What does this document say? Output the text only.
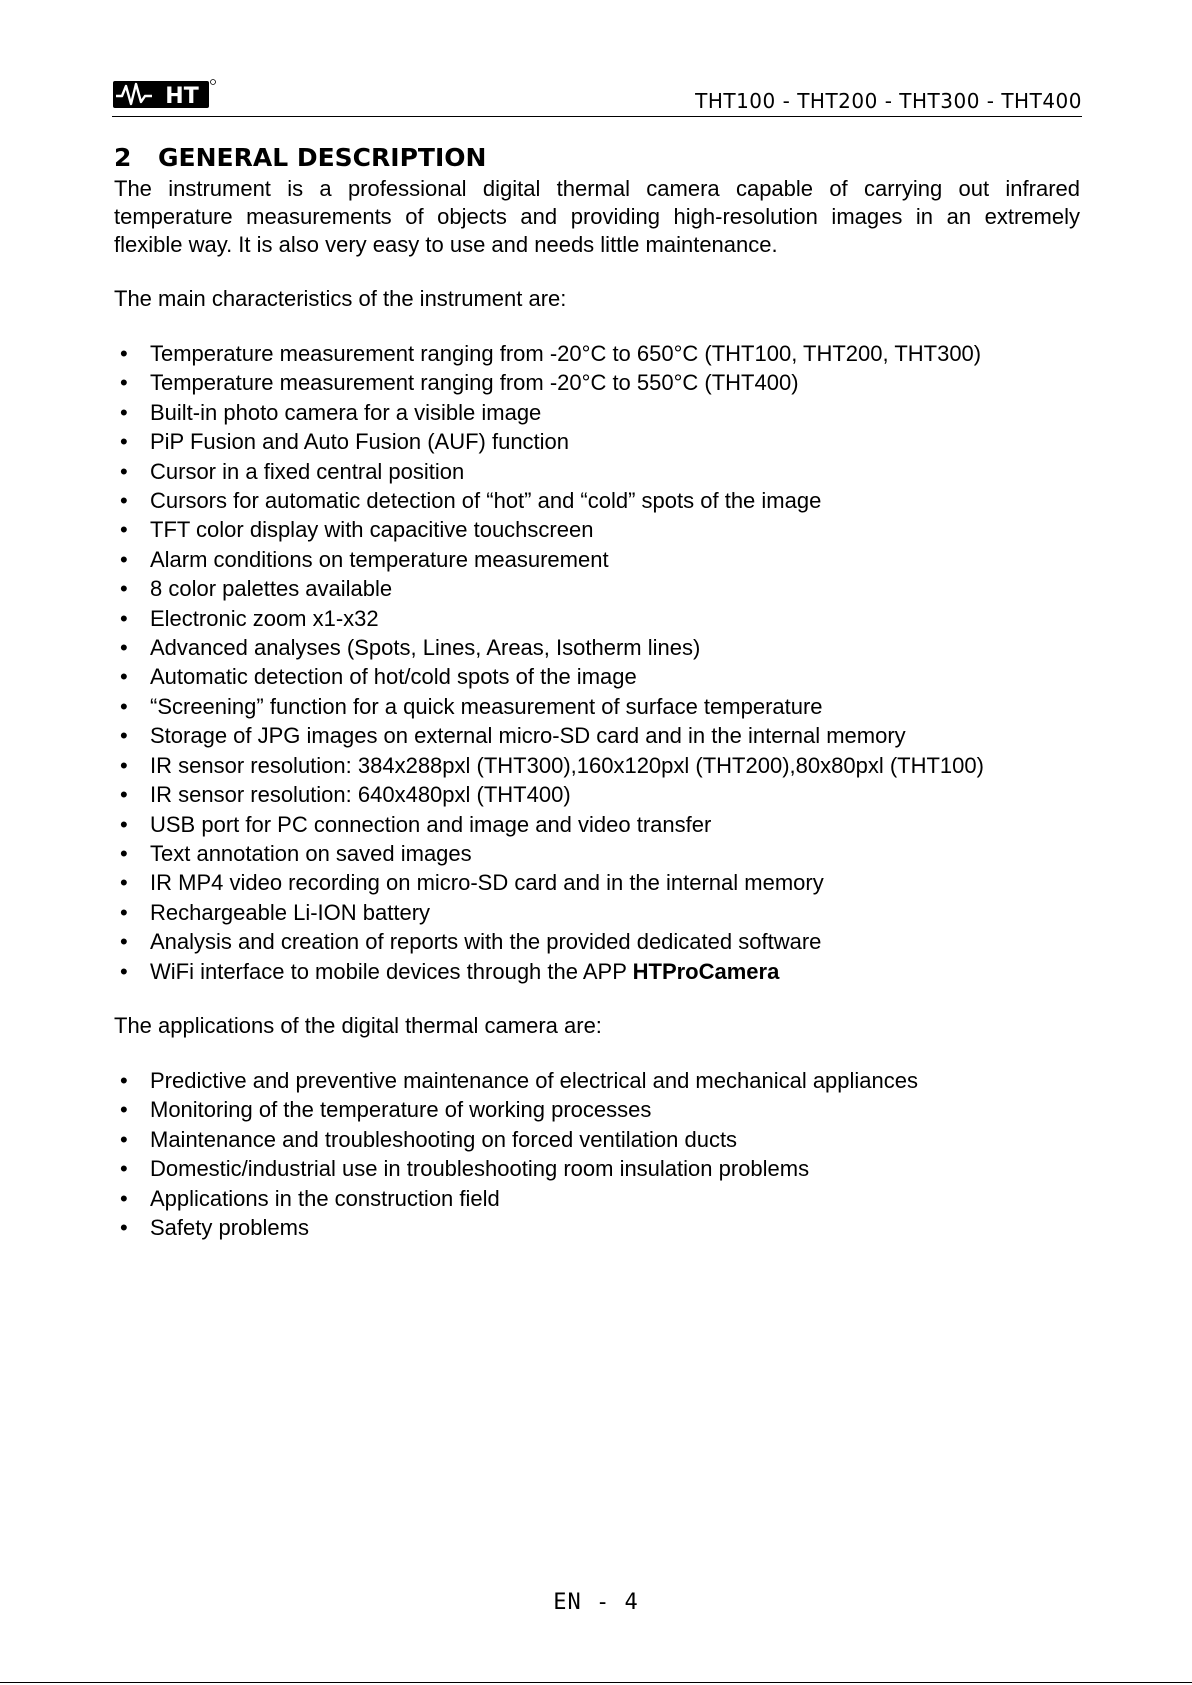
HT	THT100 - THT200 - THT300 - THT400
2 GENERAL DESCRIPTION

The instrument is a professional digital thermal camera capable of carrying out infrared temperature measurements of objects and providing high-resolution images in an extremely flexible way. It is also very easy to use and needs little maintenance.

The main characteristics of the instrument are:

• Temperature measurement ranging from -20°C to 650°C (THT100, THT200, THT300)
• Temperature measurement ranging from -20°C to 550°C (THT400)
• Built-in photo camera for a visible image
• PiP Fusion and Auto Fusion (AUF) function
• Cursor in a fixed central position
• Cursors for automatic detection of “hot” and “cold” spots of the image
• TFT color display with capacitive touchscreen
• Alarm conditions on temperature measurement
• 8 color palettes available
• Electronic zoom x1-x32
• Advanced analyses (Spots, Lines, Areas, Isotherm lines)
• Automatic detection of hot/cold spots of the image
• “Screening” function for a quick measurement of surface temperature
• Storage of JPG images on external micro-SD card and in the internal memory
• IR sensor resolution: 384x288pxl (THT300),160x120pxl (THT200),80x80pxl (THT100)
• IR sensor resolution: 640x480pxl (THT400)
• USB port for PC connection and image and video transfer
• Text annotation on saved images
• IR MP4 video recording on micro-SD card and in the internal memory
• Rechargeable Li-ION battery
• Analysis and creation of reports with the provided dedicated software
• WiFi interface to mobile devices through the APP HTProCamera

The applications of the digital thermal camera are:

• Predictive and preventive maintenance of electrical and mechanical appliances
• Monitoring of the temperature of working processes
• Maintenance and troubleshooting on forced ventilation ducts
• Domestic/industrial use in troubleshooting room insulation problems
• Applications in the construction field
• Safety problems
EN - 4
